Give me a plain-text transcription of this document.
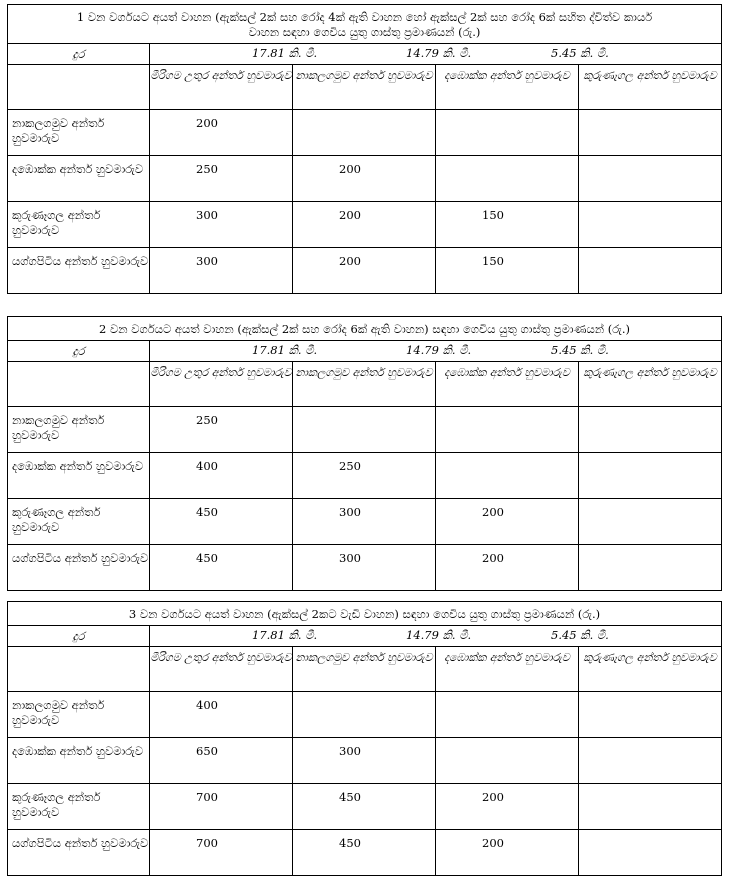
1 වන වර්ගයට අයත් වාහන (ඇක්සල් 2ක් සහ රෝද 4ක් ඇති වාහන හෝ ඇක්සල් 2ක් සහ රෝද 6ක් සහිත ද්විත්ව කාර්ය
වාහන සඳහා ගෙවිය යුතු ගාස්තු ප්‍රමාණයන් (රු.)				

දුර	17.81 කි. මී. 14.79 කි. මී. 5.45 කි. මී.			

	මීරිගම උතුර අන්තර් හුවමාරුව	නාකලගමුව අන්තර් හුවමාරුව	දඹොක්ක අන්තර් හුවමාරුව	කුරුණෑගල අන්තර් හුවමාරුව
නාකලගමුව අන්තර් හුවමාරුව	200			
දඹොක්ක අන්තර් හුවමාරුව	250	200		
කුරුණෑගල අන්තර් හුවමාරුව	300	200	150	
යග්ගපිටිය අන්තර් හුවමාරුව	300	200	150	
2 වන වර්ගයට අයත් වාහන (ඇක්සල් 2ක් සහ රෝද 6ක් ඇති වාහන) සඳහා ගෙවිය යුතු ගාස්තු ප්‍රමාණයන් (රු.)				

දුර	17.81 කි. මී. 14.79 කි. මී. 5.45 කි. මී.			

	මීරිගම උතුර අන්තර් හුවමාරුව	නාකලගමුව අන්තර් හුවමාරුව	දඹොක්ක අන්තර් හුවමාරුව	කුරුණෑගල අන්තර් හුවමාරුව
නාකලගමුව අන්තර් හුවමාරුව	250			
දඹොක්ක අන්තර් හුවමාරුව	400	250		
කුරුණෑගල අන්තර් හුවමාරුව	450	300	200	
යග්ගපිටිය අන්තර් හුවමාරුව	450	300	200	
3 වන වර්ගයට අයත් වාහන (ඇක්සල් 2කට වැඩි වාහන) සඳහා ගෙවිය යුතු ගාස්තු ප්‍රමාණයන් (රු.)				

දුර	17.81 කි. මී. 14.79 කි. මී. 5.45 කි. මී.			

	මීරිගම උතුර අන්තර් හුවමාරුව	නාකලගමුව අන්තර් හුවමාරුව	දඹොක්ක අන්තර් හුවමාරුව	කුරුණෑගල අන්තර් හුවමාරුව
නාකලගමුව අන්තර් හුවමාරුව	400			
දඹොක්ක අන්තර් හුවමාරුව	650	300		
කුරුණෑගල අන්තර් හුවමාරුව	700	450	200	
යග්ගපිටිය අන්තර් හුවමාරුව	700	450	200	
